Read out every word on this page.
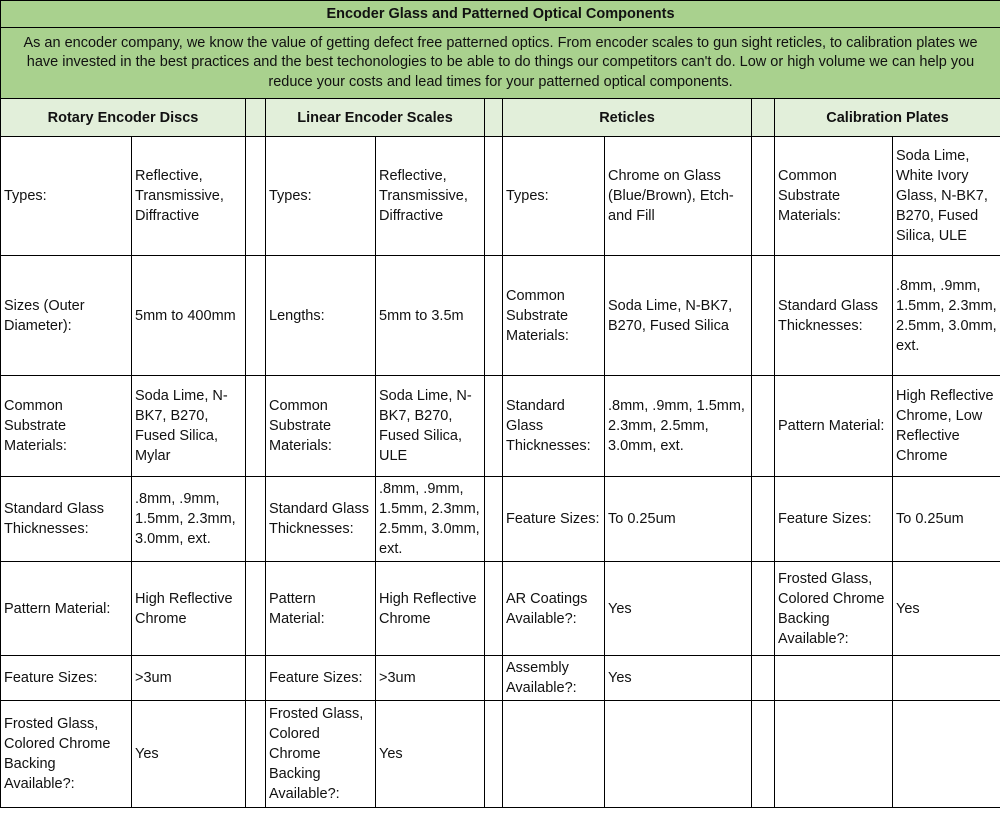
Encoder Glass and Patterned Optical Components										
As an encoder company, we know the value of getting defect free patterned optics. From encoder scales to gun sight reticles, to calibration plates we have invested in the best practices and the best techonologies to be able to do things our competitors can't do. Low or high volume we can help you reduce your costs and lead times for your patterned optical components.										
Rotary Encoder Discs			Linear Encoder Scales			Reticles			Calibration Plates	
Types:	Reflective, Transmissive, Diffractive		Types:	Reflective, Transmissive, Diffractive		Types:	Chrome on Glass (Blue/Brown), Etch-and Fill		Common Substrate Materials:	Soda Lime, White Ivory Glass, N-BK7, B270, Fused Silica, ULE
Sizes (Outer Diameter):	5mm to 400mm		Lengths:	5mm to 3.5m		Common Substrate Materials:	Soda Lime, N-BK7, B270, Fused Silica		Standard Glass Thicknesses:	.8mm, .9mm, 1.5mm, 2.3mm, 2.5mm, 3.0mm, ext.
Common Substrate Materials:	Soda Lime, N-BK7, B270, Fused Silica, Mylar		Common Substrate Materials:	Soda Lime, N-BK7, B270, Fused Silica, ULE		Standard Glass Thicknesses:	.8mm, .9mm, 1.5mm, 2.3mm, 2.5mm, 3.0mm, ext.		Pattern Material:	High Reflective Chrome, Low Reflective Chrome
Standard Glass Thicknesses:	.8mm, .9mm, 1.5mm, 2.3mm, 3.0mm, ext.		Standard Glass Thicknesses:	.8mm, .9mm, 1.5mm, 2.3mm, 2.5mm, 3.0mm, ext.		Feature Sizes:	To 0.25um		Feature Sizes:	To 0.25um
Pattern Material:	High Reflective Chrome		Pattern Material:	High Reflective Chrome		AR Coatings Available?:	Yes		Frosted Glass, Colored Chrome Backing Available?:	Yes
Feature Sizes:	>3um		Feature Sizes:	>3um		Assembly Available?:	Yes			
Frosted Glass, Colored Chrome Backing Available?:	Yes		Frosted Glass, Colored Chrome Backing Available?:	Yes						
